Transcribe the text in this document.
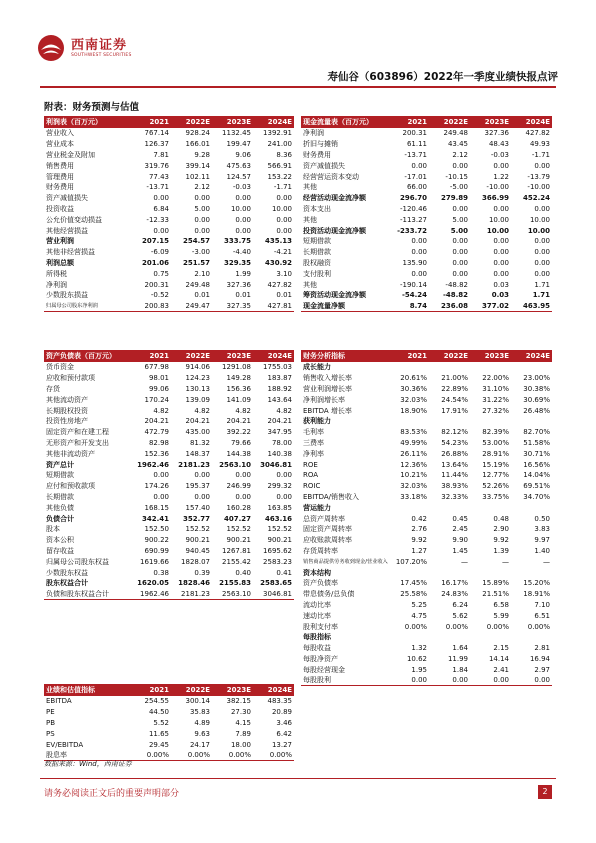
西南证券
SOUTHWEST SECURITIES
寿仙谷（603896）2022年一季度业绩快报点评
附表：财务预测与估值
利润表（百万元）	2021	2022E	2023E	2024E
营业收入	767.14	928.24	1132.45	1392.91
营业成本	126.37	166.01	199.47	241.00
营业税金及附加	7.81	9.28	9.06	8.36
销售费用	319.76	399.14	475.63	566.91
管理费用	77.43	102.11	124.57	153.22
财务费用	-13.71	2.12	-0.03	-1.71
资产减值损失	0.00	0.00	0.00	0.00
投资收益	6.84	5.00	10.00	10.00
公允价值变动损益	-12.33	0.00	0.00	0.00
其他经营损益	0.00	0.00	0.00	0.00
营业利润	207.15	254.57	333.75	435.13
其他非经营损益	-6.09	-3.00	-4.40	-4.21
利润总额	201.06	251.57	329.35	430.92
所得税	0.75	2.10	1.99	3.10
净利润	200.31	249.48	327.36	427.82
少数股东损益	-0.52	0.01	0.01	0.01
归属母公司股东净利润	200.83	249.47	327.35	427.81
现金流量表（百万元）	2021	2022E	2023E	2024E
净利润	200.31	249.48	327.36	427.82
折旧与摊销	61.11	43.45	48.43	49.93
财务费用	-13.71	2.12	-0.03	-1.71
资产减值损失	0.00	0.00	0.00	0.00
经营营运资本变动	-17.01	-10.15	1.22	-13.79
其他	66.00	-5.00	-10.00	-10.00
经营活动现金流净额	296.70	279.89	366.99	452.24
资本支出	-120.46	0.00	0.00	0.00
其他	-113.27	5.00	10.00	10.00
投资活动现金流净额	-233.72	5.00	10.00	10.00
短期借款	0.00	0.00	0.00	0.00
长期借款	0.00	0.00	0.00	0.00
股权融资	135.90	0.00	0.00	0.00
支付股利	0.00	0.00	0.00	0.00
其他	-190.14	-48.82	0.03	1.71
筹资活动现金流净额	-54.24	-48.82	0.03	1.71
现金流量净额	8.74	236.08	377.02	463.95
资产负债表（百万元）	2021	2022E	2023E	2024E
货币资金	677.98	914.06	1291.08	1755.03
应收和预付款项	98.01	124.23	149.28	183.87
存货	99.06	130.13	156.36	188.92
其他流动资产	170.24	139.09	141.09	143.64
长期股权投资	4.82	4.82	4.82	4.82
投资性房地产	204.21	204.21	204.21	204.21
固定资产和在建工程	472.79	435.00	392.22	347.95
无形资产和开发支出	82.98	81.32	79.66	78.00
其他非流动资产	152.36	148.37	144.38	140.38
资产总计	1962.46	2181.23	2563.10	3046.81
短期借款	0.00	0.00	0.00	0.00
应付和预收款项	174.26	195.37	246.99	299.32
长期借款	0.00	0.00	0.00	0.00
其他负债	168.15	157.40	160.28	163.85
负债合计	342.41	352.77	407.27	463.16
股本	152.50	152.52	152.52	152.52
资本公积	900.22	900.21	900.21	900.21
留存收益	690.99	940.45	1267.81	1695.62
归属母公司股东权益	1619.66	1828.07	2155.42	2583.23
少数股东权益	0.38	0.39	0.40	0.41
股东权益合计	1620.05	1828.46	2155.83	2583.65
负债和股东权益合计	1962.46	2181.23	2563.10	3046.81
业绩和估值指标	2021	2022E	2023E	2024E
EBITDA	254.55	300.14	382.15	483.35
PE	44.50	35.83	27.30	20.89
PB	5.52	4.89	4.15	3.46
PS	11.65	9.63	7.89	6.42
EV/EBITDA	29.45	24.17	18.00	13.27
股息率	0.00%	0.00%	0.00%	0.00%
财务分析指标	2021	2022E	2023E	2024E
成长能力				
销售收入增长率	20.61%	21.00%	22.00%	23.00%
营业利润增长率	30.36%	22.89%	31.10%	30.38%
净利润增长率	32.03%	24.54%	31.22%	30.69%
EBITDA 增长率	18.90%	17.91%	27.32%	26.48%
获利能力				
毛利率	83.53%	82.12%	82.39%	82.70%
三费率	49.99%	54.23%	53.00%	51.58%
净利率	26.11%	26.88%	28.91%	30.71%
ROE	12.36%	13.64%	15.19%	16.56%
ROA	10.21%	11.44%	12.77%	14.04%
ROIC	32.03%	38.93%	52.26%	69.51%
EBITDA/销售收入	33.18%	32.33%	33.75%	34.70%
营运能力				
总资产周转率	0.42	0.45	0.48	0.50
固定资产周转率	2.76	2.45	2.90	3.83
应收账款周转率	9.92	9.90	9.92	9.97
存货周转率	1.27	1.45	1.39	1.40
销售商品提供劳务收到现金/营业收入	107.20%	—	—	—
资本结构				
资产负债率	17.45%	16.17%	15.89%	15.20%
带息债务/总负债	25.58%	24.83%	21.51%	18.91%
流动比率	5.25	6.24	6.58	7.10
速动比率	4.75	5.62	5.99	6.51
股利支付率	0.00%	0.00%	0.00%	0.00%
每股指标				
每股收益	1.32	1.64	2.15	2.81
每股净资产	10.62	11.99	14.14	16.94
每股经营现金	1.95	1.84	2.41	2.97
每股股利	0.00	0.00	0.00	0.00
数据来源：Wind，西南证券
请务必阅读正文后的重要声明部分	2
